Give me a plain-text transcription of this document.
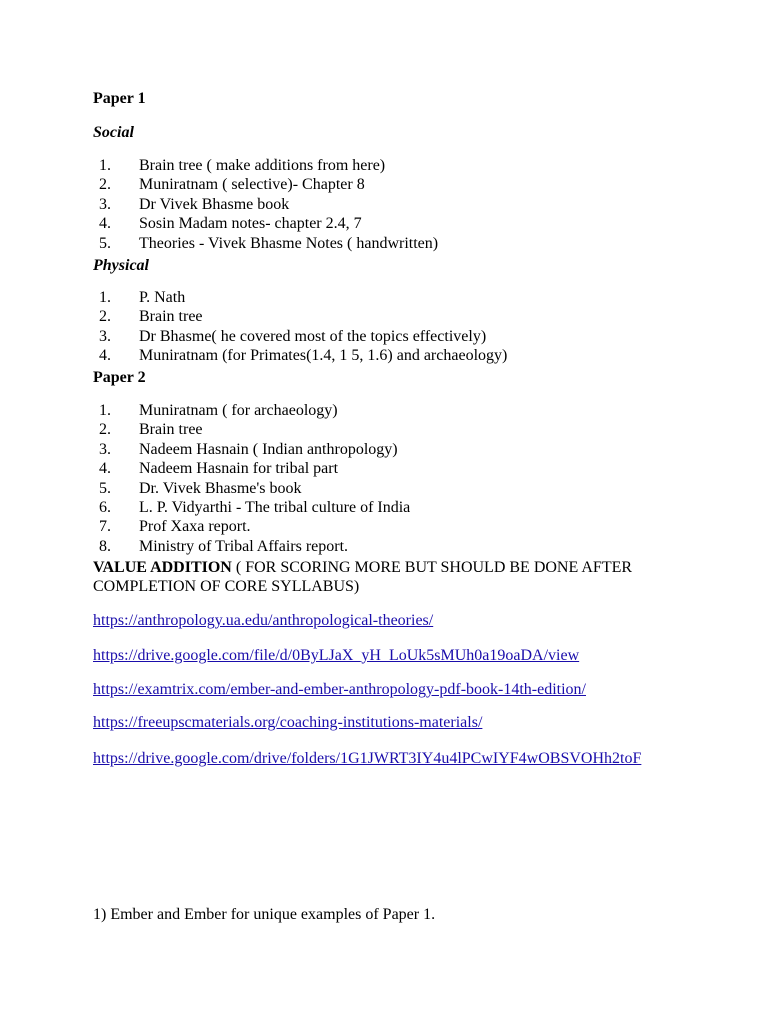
Paper 1
Social
1.	Brain tree ( make additions from here)
2.	Muniratnam ( selective)- Chapter 8
3.	Dr Vivek Bhasme book
4.	Sosin Madam notes- chapter 2.4, 7
5.	Theories - Vivek Bhasme Notes ( handwritten)
Physical
1.	P. Nath
2.	Brain tree
3.	Dr Bhasme( he covered most of the topics effectively)
4.	Muniratnam (for Primates(1.4, 1 5, 1.6) and archaeology)
Paper 2
1.	Muniratnam ( for archaeology)
2.	Brain tree
3.	Nadeem Hasnain ( Indian anthropology)
4.	Nadeem Hasnain for tribal part
5.	Dr. Vivek Bhasme's book
6.	L. P. Vidyarthi - The tribal culture of India
7.	Prof Xaxa report.
8.	Ministry of Tribal Affairs report.
VALUE ADDITION ( FOR SCORING MORE BUT SHOULD BE DONE AFTER COMPLETION OF CORE SYLLABUS)
https://anthropology.ua.edu/anthropological-theories/
https://drive.google.com/file/d/0ByLJaX_yH_LoUk5sMUh0a19oaDA/view
https://examtrix.com/ember-and-ember-anthropology-pdf-book-14th-edition/
https://freeupscmaterials.org/coaching-institutions-materials/
https://drive.google.com/drive/folders/1G1JWRT3IY4u4lPCwIYF4wOBSVOHh2toF
1) Ember and Ember for unique examples of Paper 1.
